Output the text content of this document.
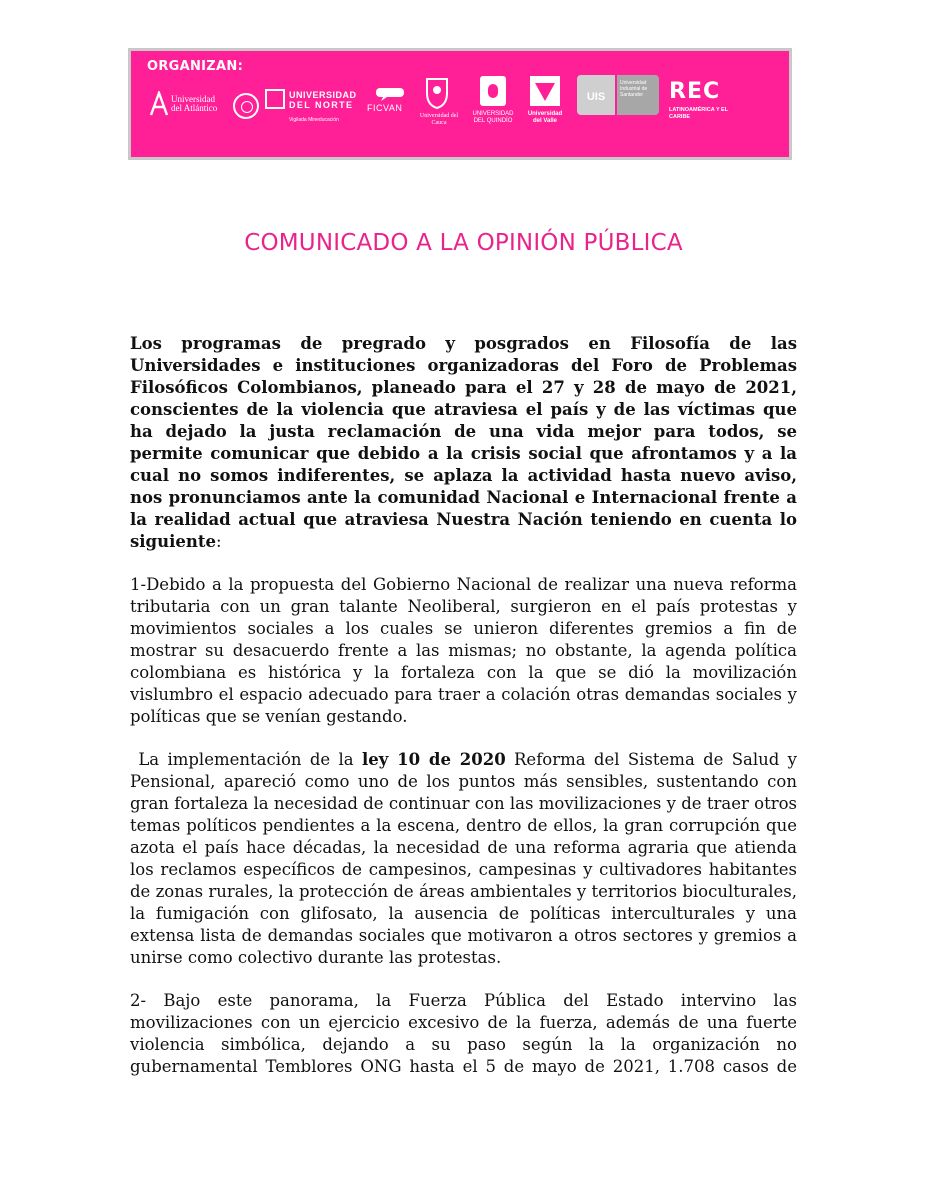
ORGANIZAN:
Universidad del Atlántico
UNIVERSIDAD
DEL NORTE
Vigilada Mineducación
FICVAN
Universidad del Cauca
UNIVERSIDAD
DEL QUINDÍO
Universidad
del Valle
$_{UIS}$
Universidad Industrial de Santander	REC
LATINOAMÉRICA Y EL CARIBE
COMUNICADO A LA OPINIÓN PÚBLICA

Los programas de pregrado y posgrados en Filosofía de las Universidades e instituciones organizadoras del Foro de Problemas Filosóficos Colombianos, planeado para el 27 y 28 de mayo de 2021, conscientes de la violencia que atraviesa el país y de las víctimas que ha dejado la justa reclamación de una vida mejor para todos, se permite comunicar que debido a la crisis social que afrontamos y a la cual no somos indiferentes, se aplaza la actividad hasta nuevo aviso, nos pronunciamos ante la comunidad Nacional e Internacional frente a la realidad actual que atraviesa Nuestra Nación teniendo en cuenta lo siguiente:

1-Debido a la propuesta del Gobierno Nacional de realizar una nueva reforma tributaria con un gran talante Neoliberal, surgieron en el país protestas y movimientos sociales a los cuales se unieron diferentes gremios a fin de mostrar su desacuerdo frente a las mismas; no obstante, la agenda política colombiana es histórica y la fortaleza con la que se dió la movilización vislumbro el espacio adecuado para traer a colación otras demandas sociales y políticas que se venían gestando.

La implementación de la ley 10 de 2020 Reforma del Sistema de Salud y Pensional, apareció como uno de los puntos más sensibles, sustentando con gran fortaleza la necesidad de continuar con las movilizaciones y de traer otros temas políticos pendientes a la escena, dentro de ellos, la gran corrupción que azota el país hace décadas, la necesidad de una reforma agraria que atienda los reclamos específicos de campesinos, campesinas y cultivadores habitantes de zonas rurales, la protección de áreas ambientales y territorios bioculturales, la fumigación con glifosato, la ausencia de políticas interculturales y una extensa lista de demandas sociales que motivaron a otros sectores y gremios a unirse como colectivo durante las protestas.

2- Bajo este panorama, la Fuerza Pública del Estado intervino las movilizaciones con un ejercicio excesivo de la fuerza, además de una fuerte violencia simbólica, dejando a su paso según la la organización no gubernamental Temblores ONG hasta el 5 de mayo de 2021, 1.708 casos de
